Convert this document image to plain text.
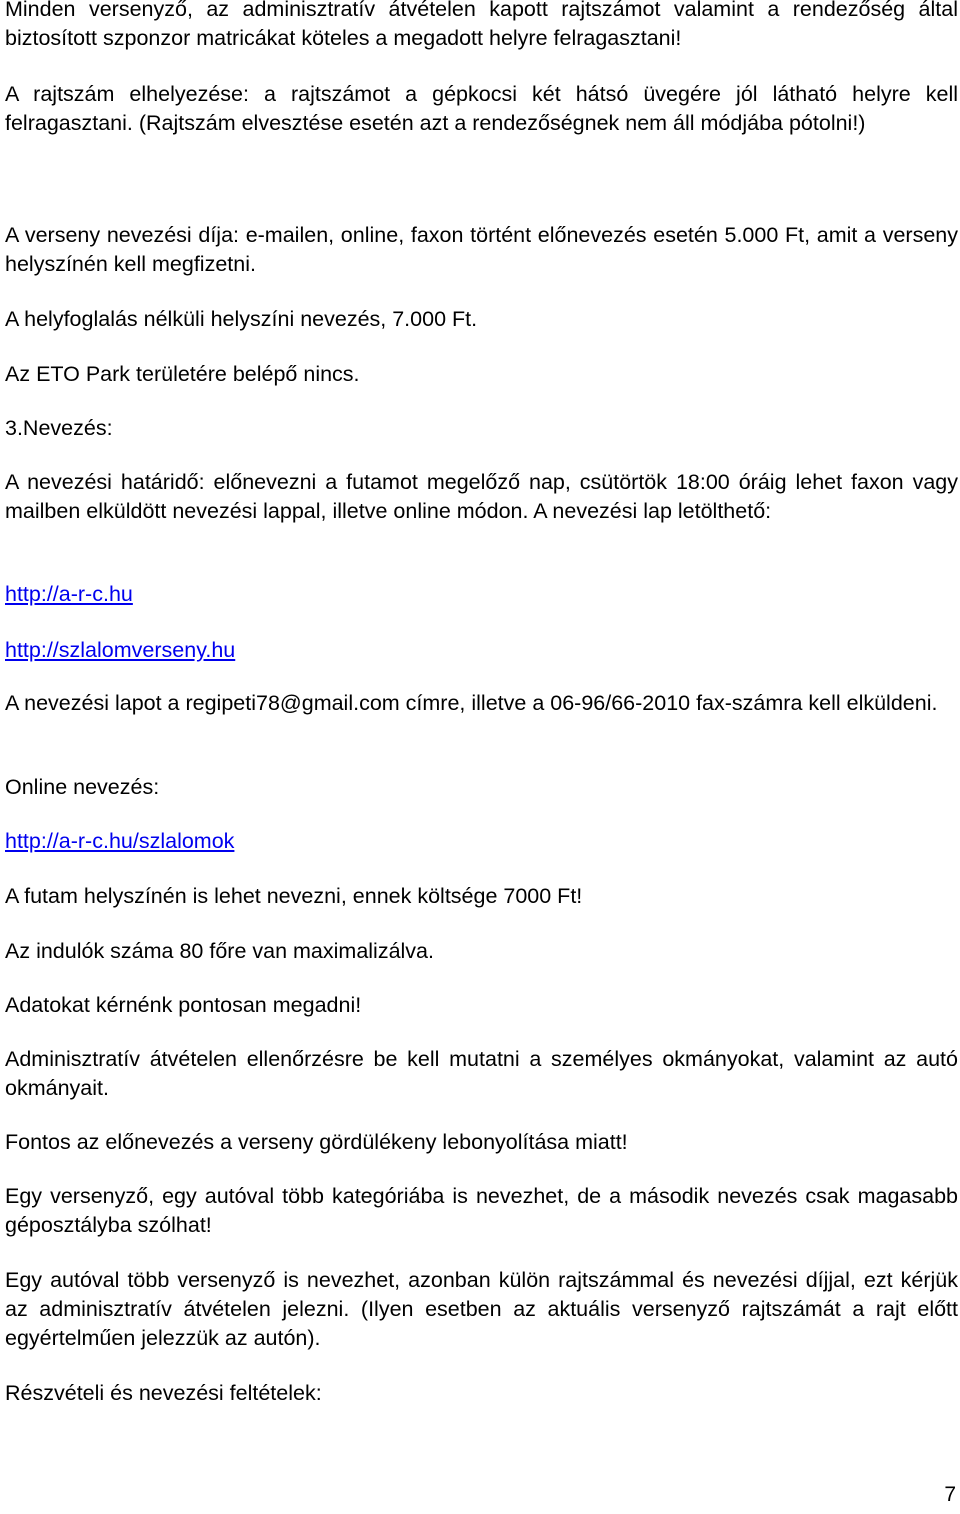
Minden versenyző, az adminisztratív átvételen kapott rajtszámot valamint a rendezőség által biztosított szponzor matricákat köteles a megadott helyre felragasztani!

A rajtszám elhelyezése: a rajtszámot a gépkocsi két hátsó üvegére jól látható helyre kell felragasztani. (Rajtszám elvesztése esetén azt a rendezőségnek nem áll módjába pótolni!)

A verseny nevezési díja: e-mailen, online, faxon történt előnevezés esetén 5.000 Ft, amit a verseny helyszínén kell megfizetni.

A helyfoglalás nélküli helyszíni nevezés, 7.000 Ft.

Az ETO Park területére belépő nincs.

3.Nevezés:

A nevezési határidő: előnevezni a futamot megelőző nap, csütörtök 18:00 óráig lehet faxon vagy mailben elküldött nevezési lappal, illetve online módon. A nevezési lap letölthető:

http://a-r-c.hu
http://szlalomverseny.hu

A nevezési lapot a regipeti78@gmail.com címre, illetve a 06-96/66-2010 fax-számra kell elküldeni.

Online nevezés:

http://a-r-c.hu/szlalomok

A futam helyszínén is lehet nevezni, ennek költsége 7000 Ft!

Az indulók száma 80 főre van maximalizálva.

Adatokat kérnénk pontosan megadni!

Adminisztratív átvételen ellenőrzésre be kell mutatni a személyes okmányokat, valamint az autó okmányait.

Fontos az előnevezés a verseny gördülékeny lebonyolítása miatt!

Egy versenyző, egy autóval több kategóriába is nevezhet, de a második nevezés csak magasabb géposztályba szólhat!

Egy autóval több versenyző is nevezhet, azonban külön rajtszámmal és nevezési díjjal, ezt kérjük az adminisztratív átvételen jelezni. (Ilyen esetben az aktuális versenyző rajtszámát a rajt előtt egyértelműen jelezzük az autón).

Részvételi és nevezési feltételek:

7
